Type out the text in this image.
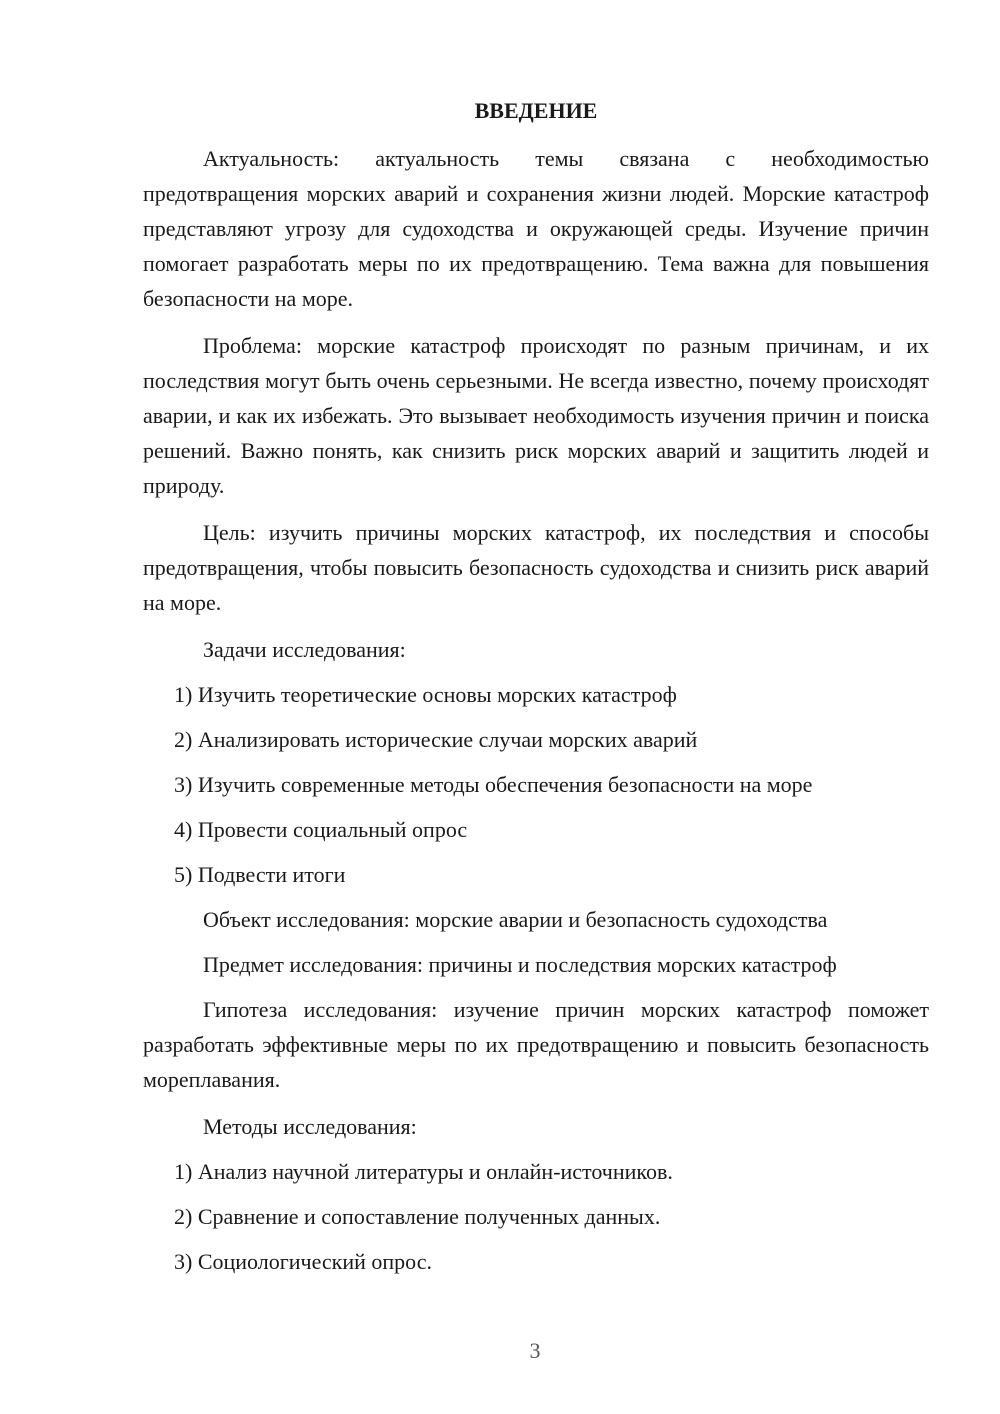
ВВЕДЕНИЕ

Актуальность: актуальность темы связана с необходимостью предотвращения морских аварий и сохранения жизни людей. Морские катастроф представляют угрозу для судоходства и окружающей среды. Изучение причин помогает разработать меры по их предотвращению. Тема важна для повышения безопасности на море.

Проблема: морские катастроф происходят по разным причинам, и их последствия могут быть очень серьезными. Не всегда известно, почему происходят аварии, и как их избежать. Это вызывает необходимость изучения причин и поиска решений. Важно понять, как снизить риск морских аварий и защитить людей и природу.

Цель: изучить причины морских катастроф, их последствия и способы предотвращения, чтобы повысить безопасность судоходства и снизить риск аварий на море.

Задачи исследования:
1) Изучить теоретические основы морских катастроф
2) Анализировать исторические случаи морских аварий
3) Изучить современные методы обеспечения безопасности на море
4) Провести социальный опрос
5) Подвести итоги
Объект исследования: морские аварии и безопасность судоходства
Предмет исследования: причины и последствия морских катастроф

Гипотеза исследования: изучение причин морских катастроф поможет разработать эффективные меры по их предотвращению и повысить безопасность мореплавания.

Методы исследования:
1) Анализ научной литературы и онлайн-источников.
2) Сравнение и сопоставление полученных данных.
3) Социологический опрос.
3
